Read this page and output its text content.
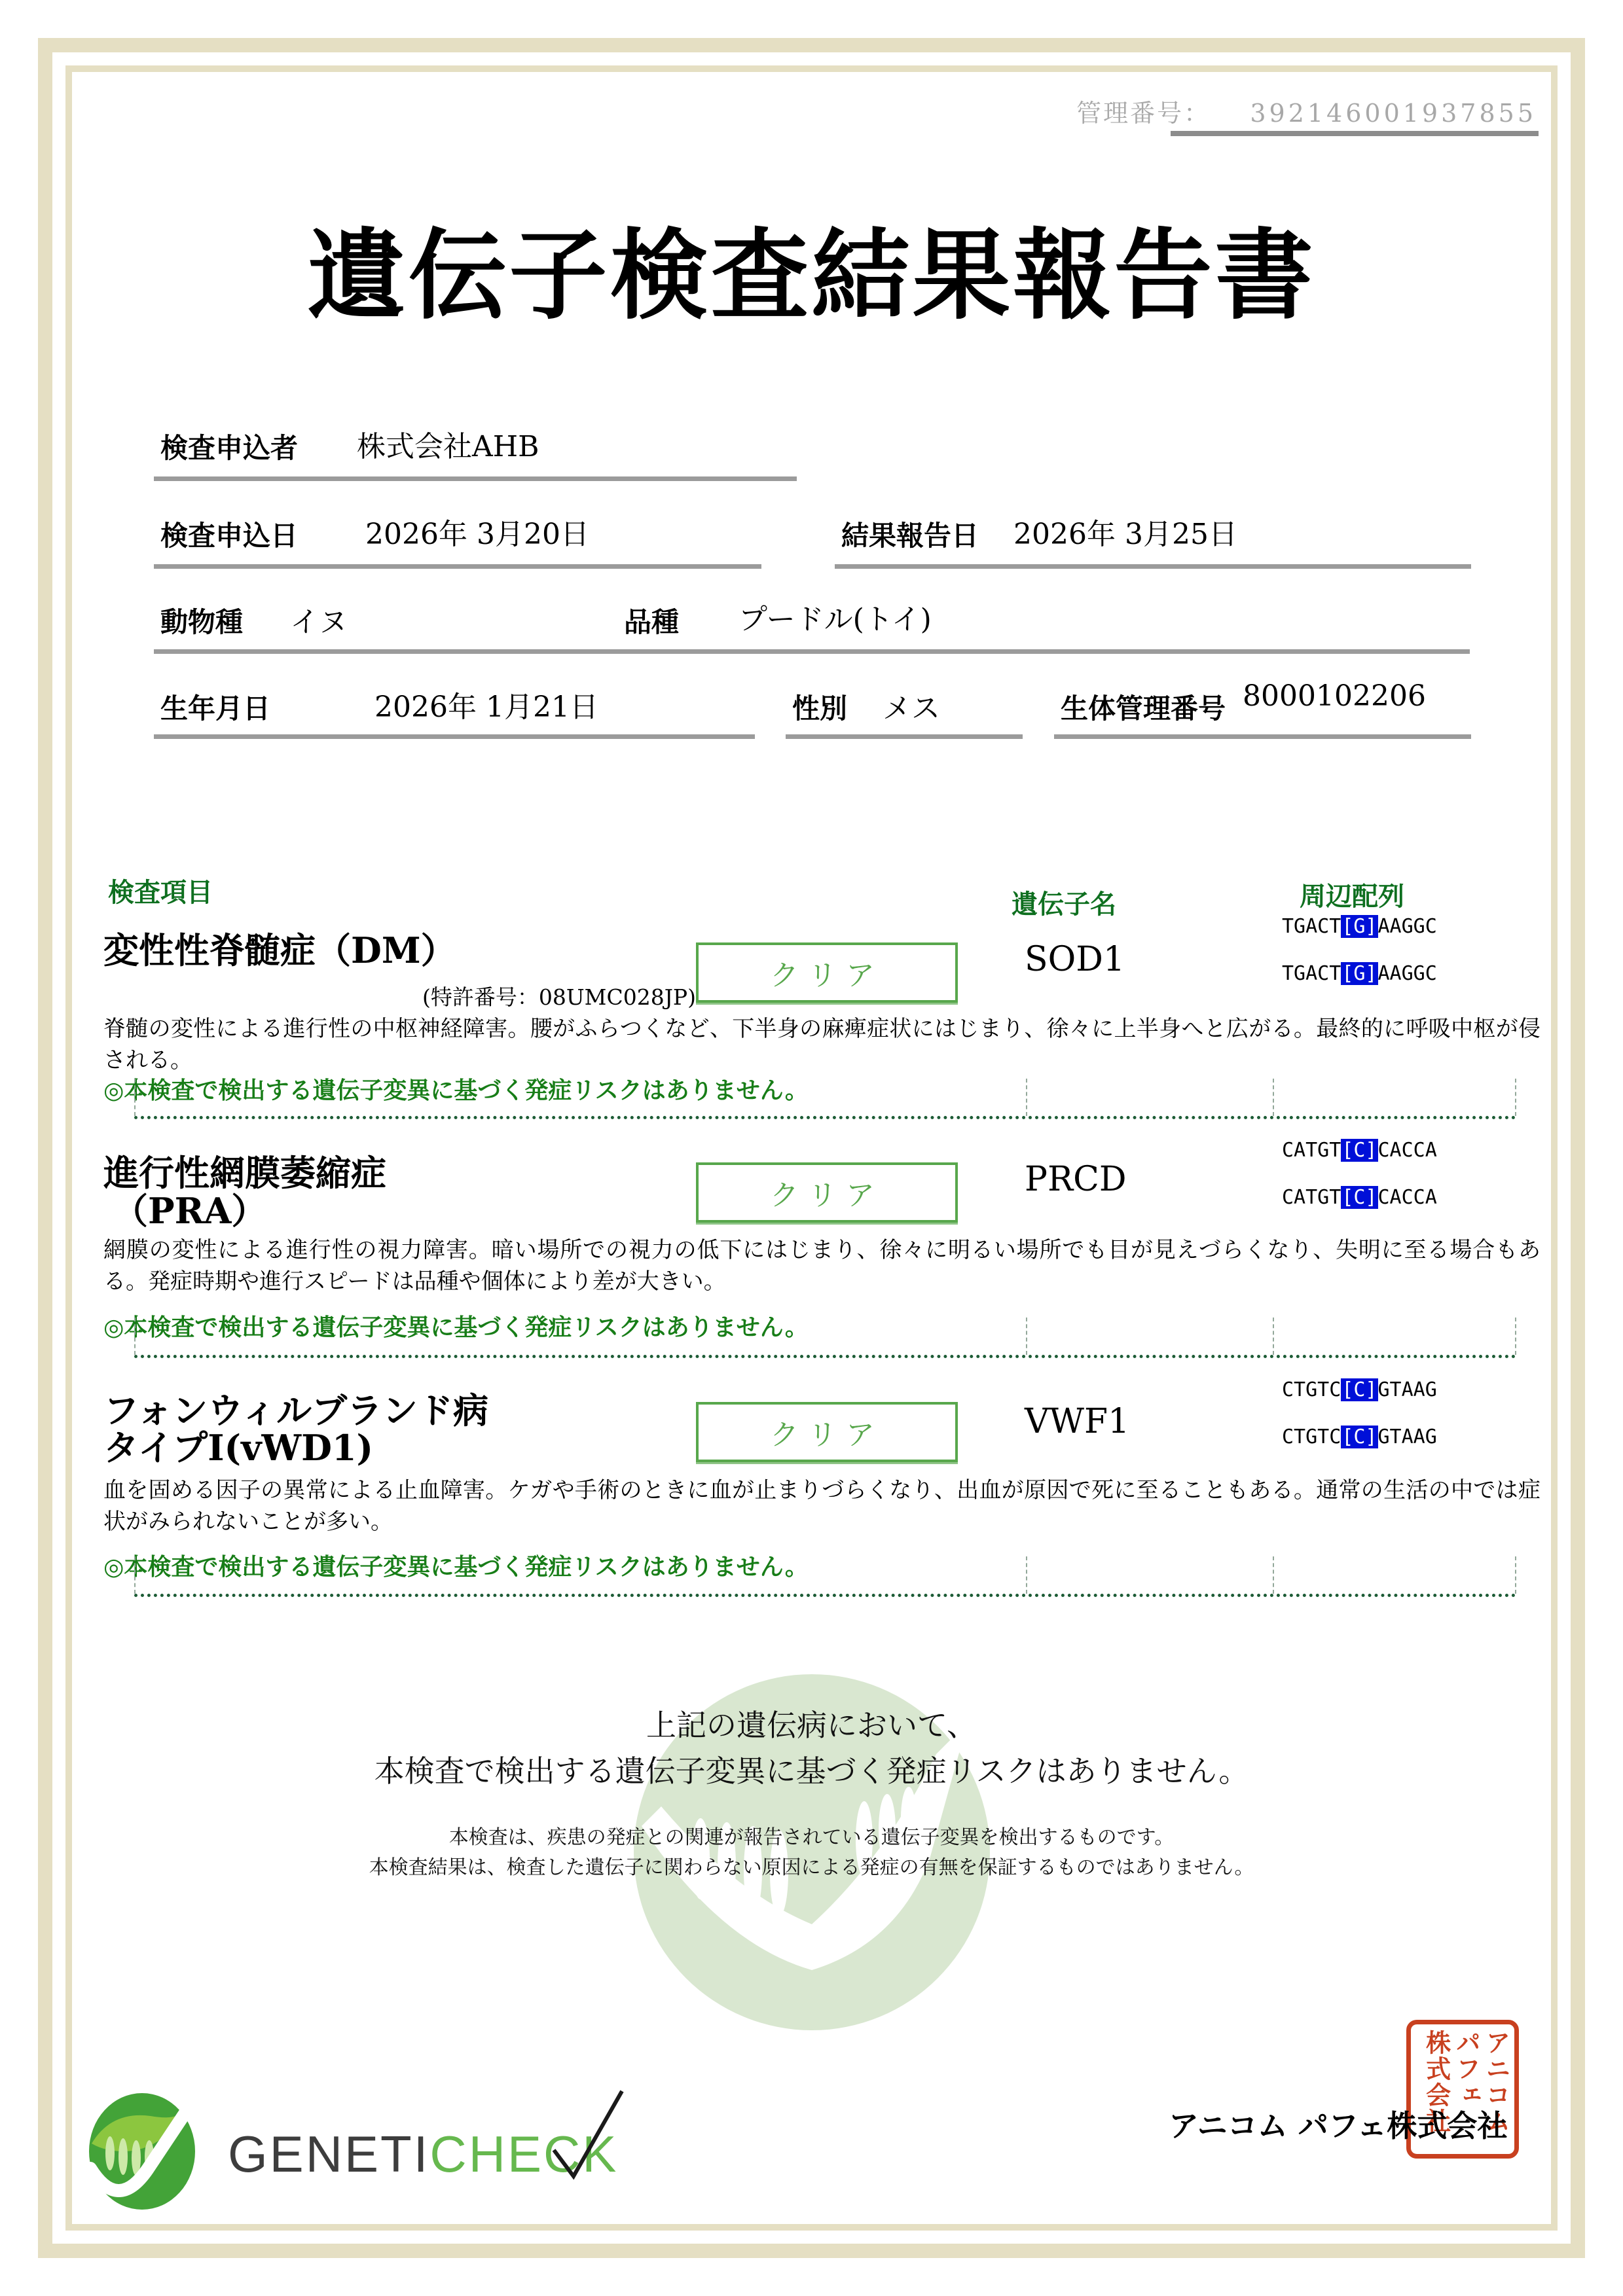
管理番号： 392146001937855
遺伝子検査結果報告書
検査申込者 株式会社AHB
検査申込日 2026年 3月20日	結果報告日 2026年 3月25日
動物種 イヌ	品種 プードル(トイ)
生年月日	2026年 1月21日	性別 メス	生体管理番号 8000102206
検査項目	遺伝子名	周辺配列
変性性脊髄症（DM）
(特許番号：08UMC028JP)
クリア	SOD1
TGACT[G]AAGGC
TGACT[G]AAGGC
脊髄の変性による進行性の中枢神経障害。腰がふらつくなど、下半身の麻痺症状にはじまり、徐々に上半身へと広がる。最終的に呼吸中枢が侵される。
◎本検査で検出する遺伝子変異に基づく発症リスクはありません。
進行性網膜萎縮症
（PRA）	クリア	PRCD
CATGT[C]CACCA
CATGT[C]CACCA
網膜の変性による進行性の視力障害。暗い場所での視力の低下にはじまり、徐々に明るい場所でも目が見えづらくなり、失明に至る場合もある。発症時期や進行スピードは品種や個体により差が大きい。
◎本検査で検出する遺伝子変異に基づく発症リスクはありません。
フォンウィルブランド病
タイプⅠ(vWD1)	クリア	VWF1
CTGTC[C]GTAAG
CTGTC[C]GTAAG
血を固める因子の異常による止血障害。ケガや手術のときに血が止まりづらくなり、出血が原因で死に至ることもある。通常の生活の中では症状がみられないことが多い。
◎本検査で検出する遺伝子変異に基づく発症リスクはありません。
上記の遺伝病において、
本検査で検出する遺伝子変異に基づく発症リスクはありません。
本検査は、疾患の発症との関連が報告されている遺伝子変異を検出するものです。
本検査結果は、検査した遺伝子に関わらない原因による発症の有無を保証するものではありません。
GENETICHECK
アニコム
パフェ
株式会社
アニコム パフェ株式会社
